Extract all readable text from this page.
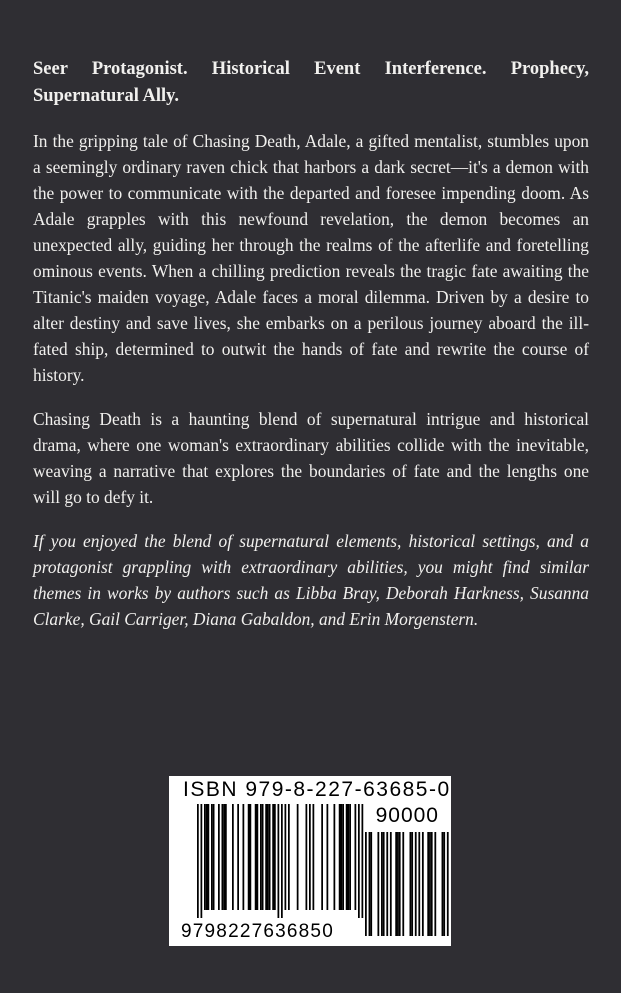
Seer Protagonist. Historical Event Interference. Prophecy, Supernatural Ally.

In the gripping tale of Chasing Death, Adale, a gifted mentalist, stumbles upon a seemingly ordinary raven chick that harbors a dark secret—it's a demon with the power to communicate with the departed and foresee impending doom. As Adale grapples with this newfound revelation, the demon becomes an unexpected ally, guiding her through the realms of the afterlife and foretelling ominous events. When a chilling prediction reveals the tragic fate awaiting the Titanic's maiden voyage, Adale faces a moral dilemma. Driven by a desire to alter destiny and save lives, she embarks on a perilous journey aboard the ill-fated ship, determined to outwit the hands of fate and rewrite the course of history.

Chasing Death is a haunting blend of supernatural intrigue and historical drama, where one woman's extraordinary abilities collide with the inevitable, weaving a narrative that explores the boundaries of fate and the lengths one will go to defy it.

If you enjoyed the blend of supernatural elements, historical settings, and a protagonist grappling with extraordinary abilities, you might find similar themes in works by authors such as Libba Bray, Deborah Harkness, Susanna Clarke, Gail Carriger, Diana Gabaldon, and Erin Morgenstern.

ISBN 979-8-227-63685-0
90000
9798227636850
